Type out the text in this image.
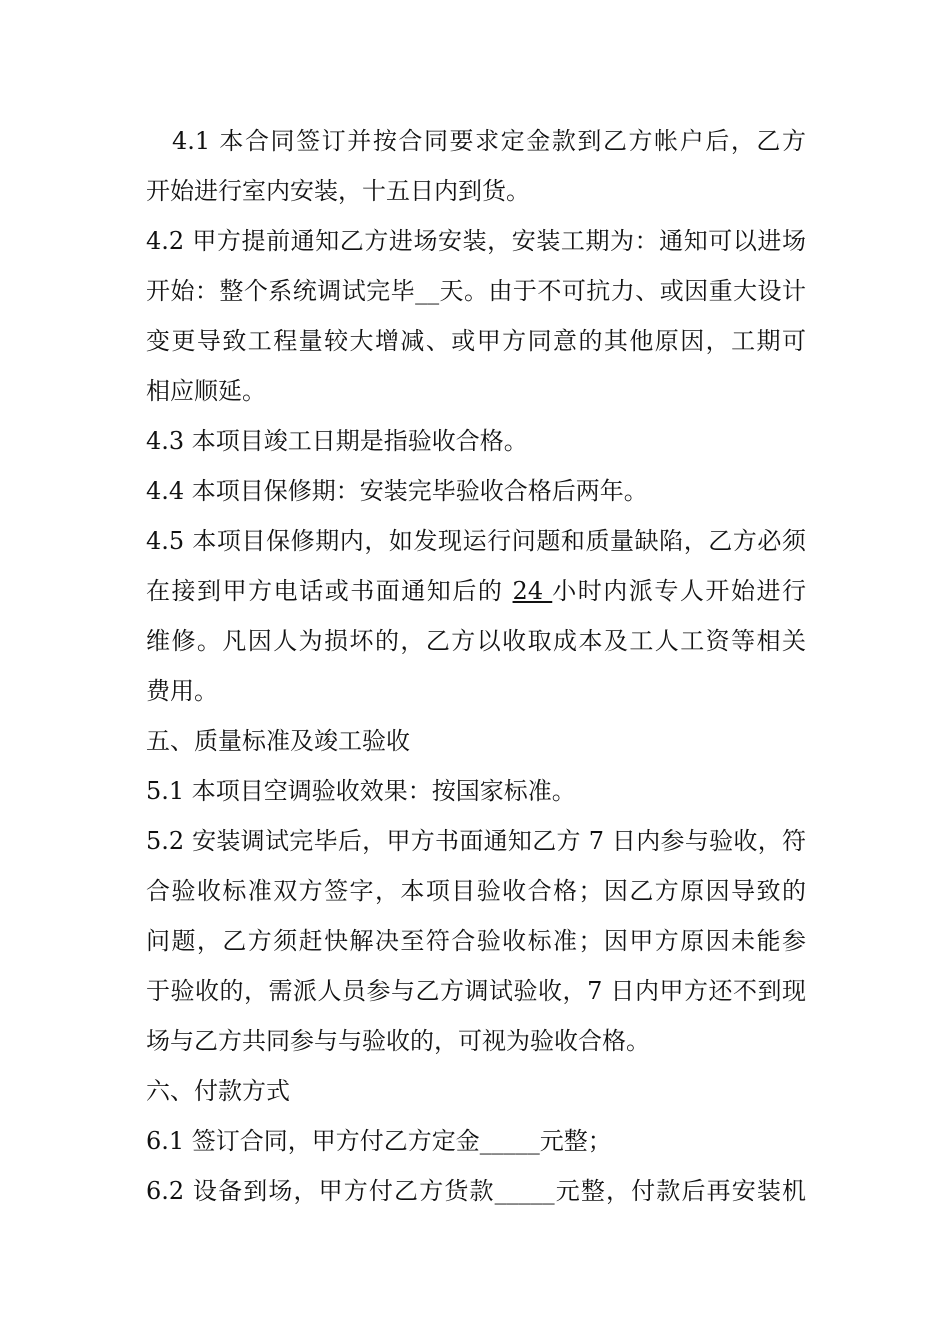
4.1 本合同签订并按合同要求定金款到乙方帐户后，乙方
开始进行室内安装，十五日内到货。
4.2 甲方提前通知乙方进场安装，安装工期为：通知可以进场
开始：整个系统调试完毕__天。由于不可抗力、或因重大设计
变更导致工程量较大增减、或甲方同意的其他原因，工期可
相应顺延。
4.3 本项目竣工日期是指验收合格。
4.4 本项目保修期：安装完毕验收合格后两年。
4.5 本项目保修期内，如发现运行问题和质量缺陷，乙方必须
在接到甲方电话或书面通知后的 24 小时内派专人开始进行
维修。凡因人为损坏的，乙方以收取成本及工人工资等相关
费用。
五、质量标准及竣工验收
5.1 本项目空调验收效果：按国家标准。
5.2 安装调试完毕后，甲方书面通知乙方 7 日内参与验收，符
合验收标准双方签字，本项目验收合格；因乙方原因导致的
问题，乙方须赶快解决至符合验收标准；因甲方原因未能参
于验收的，需派人员参与乙方调试验收，7 日内甲方还不到现
场与乙方共同参与与验收的，可视为验收合格。
六、付款方式
6.1 签订合同，甲方付乙方定金_____元整；
6.2 设备到场，甲方付乙方货款_____元整，付款后再安装机
